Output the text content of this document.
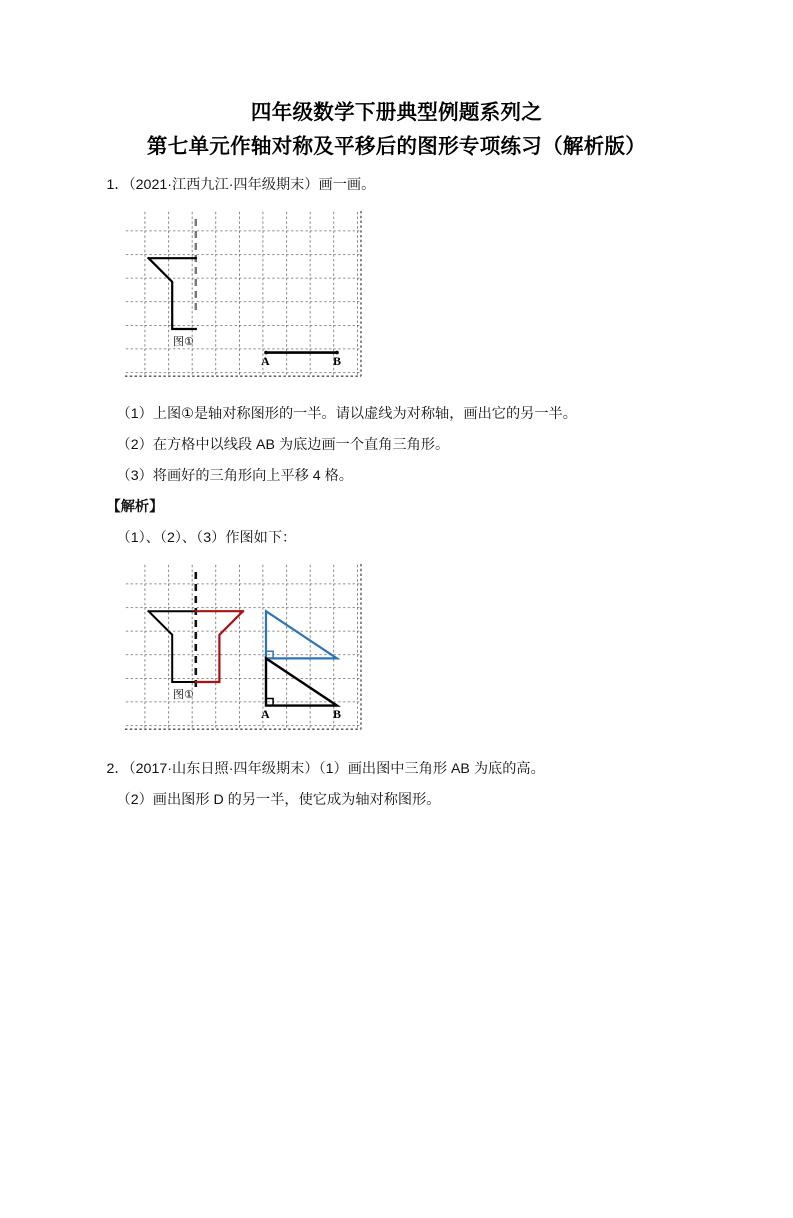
四年级数学下册典型例题系列之
第七单元作轴对称及平移后的图形专项练习（解析版）
1．（2021·江西九江·四年级期末）画一画。
图①
A	B
（1）上图①是轴对称图形的一半。请以虚线为对称轴，画出它的另一半。
（2）在方格中以线段 AB 为底边画一个直角三角形。
（3）将画好的三角形向上平移 4 格。
【解析】
（1）、（2）、（3）作图如下：
图①
A	B
2．（2017·山东日照·四年级期末）（1）画出图中三角形 AB 为底的高。
（2）画出图形 D 的另一半，使它成为轴对称图形。
